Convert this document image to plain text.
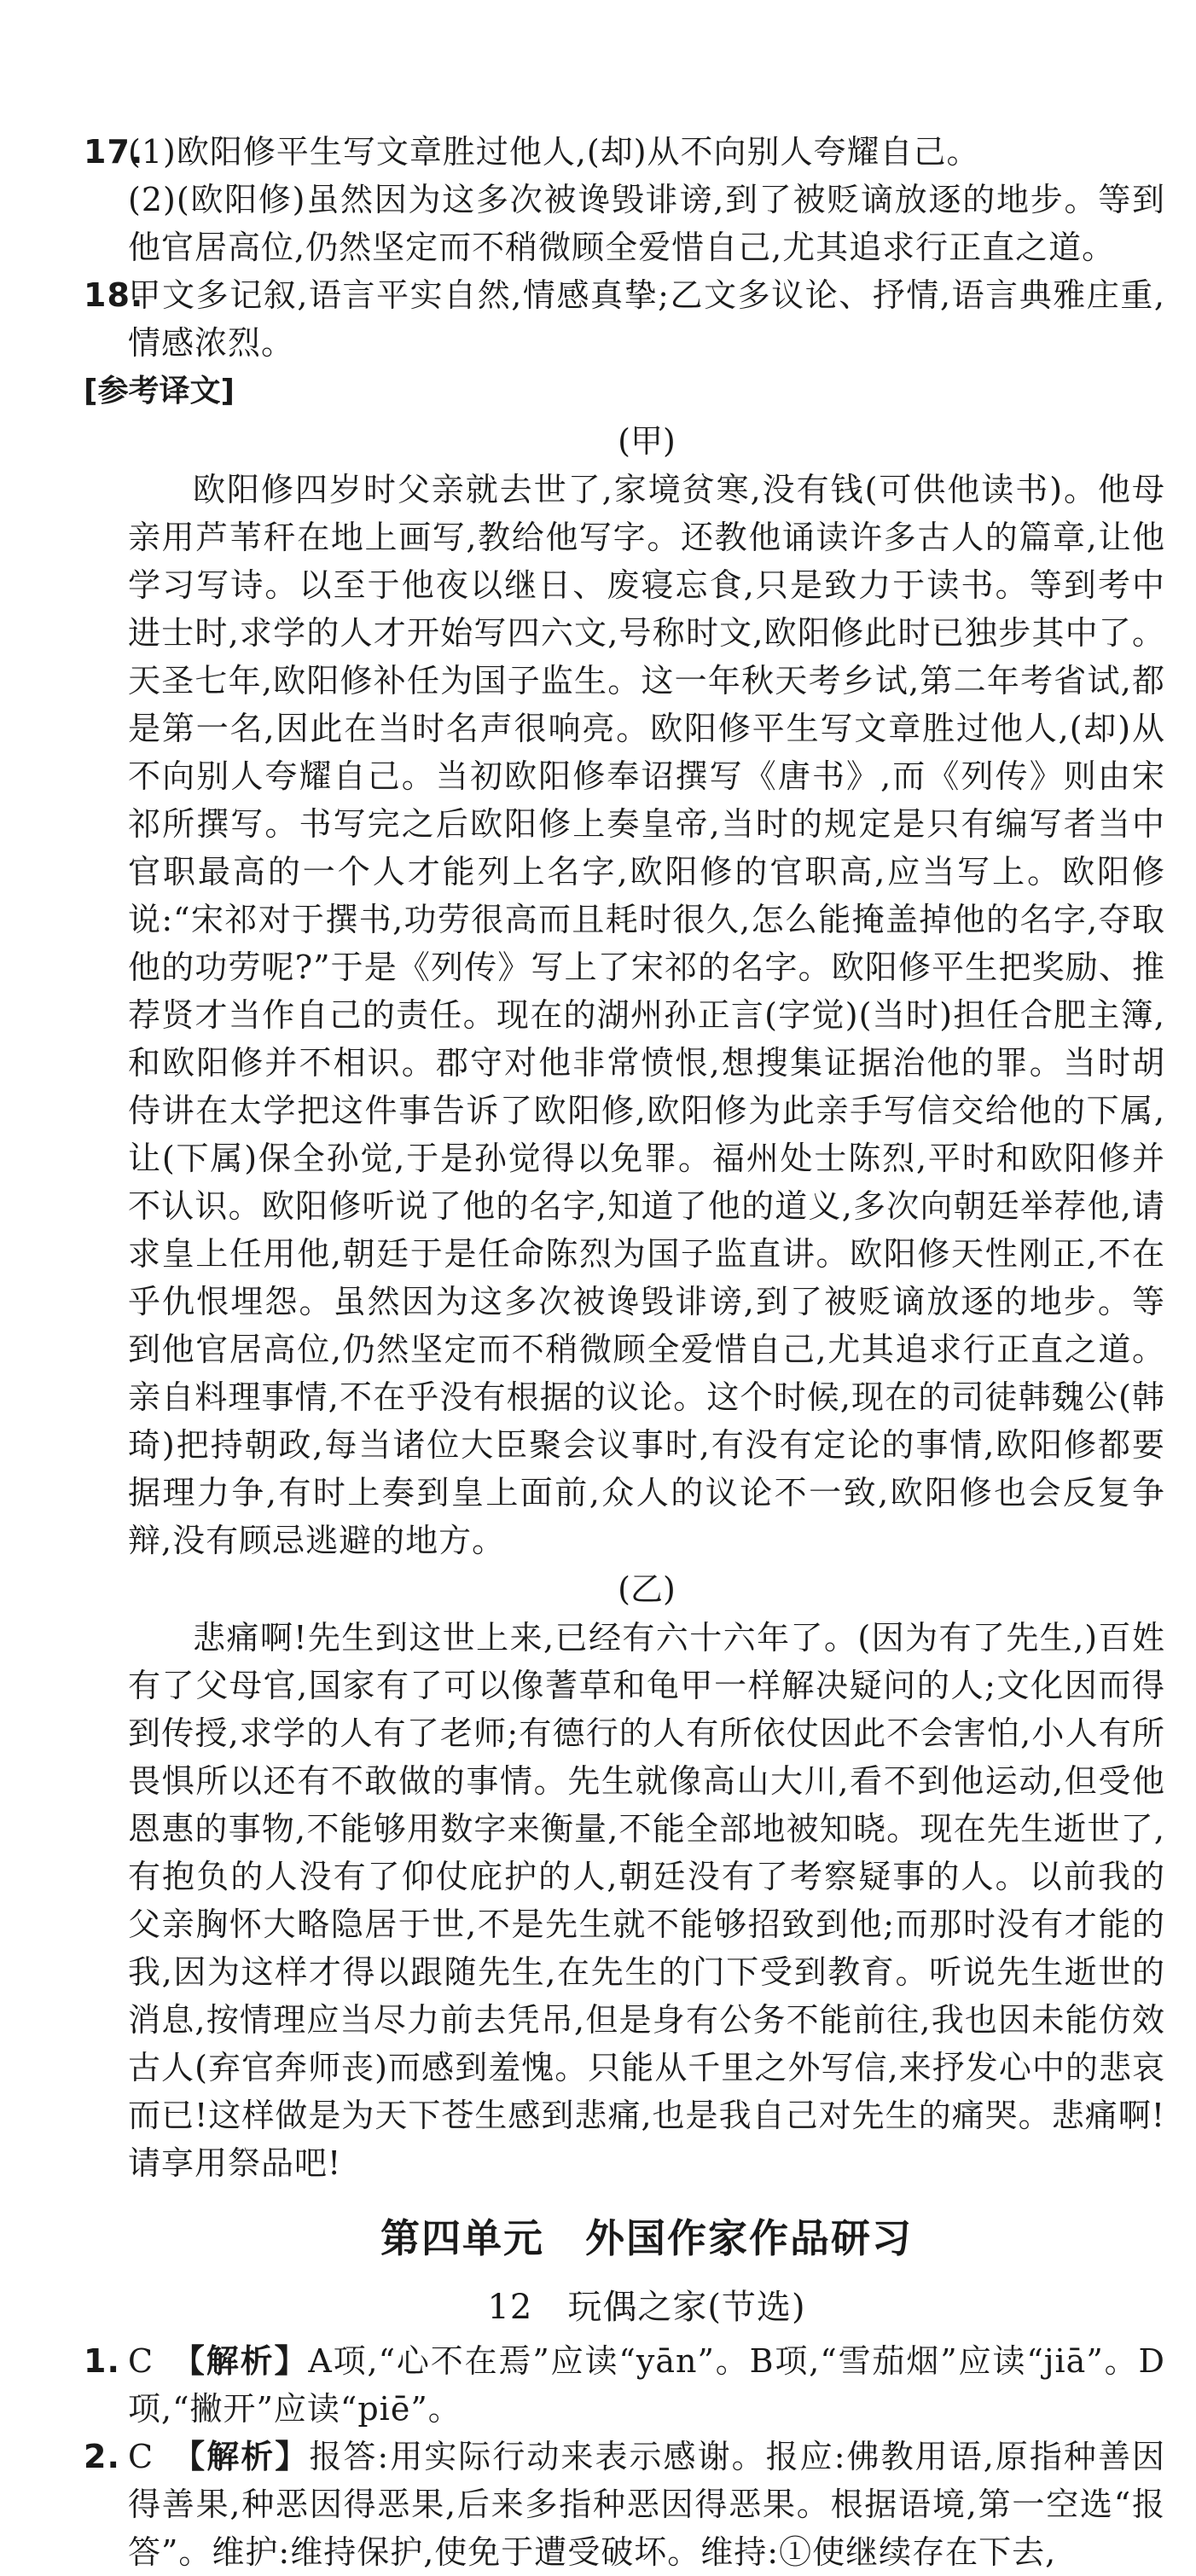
17.(1)欧阳修平生写文章胜过他人,(却)从不向别人夸耀自己。
(2)(欧阳修)虽然因为这多次被谗毁诽谤,到了被贬谪放逐的地步。等到他官居高位,仍然坚定而不稍微顾全爱惜自己,尤其追求行正直之道。
18.甲文多记叙,语言平实自然,情感真挚;乙文多议论、抒情,语言典雅庄重,情感浓烈。
[参考译文]
(甲)
欧阳修四岁时父亲就去世了,家境贫寒,没有钱(可供他读书)。他母亲用芦苇秆在地上画写,教给他写字。还教他诵读许多古人的篇章,让他学习写诗。以至于他夜以继日、废寝忘食,只是致力于读书。等到考中进士时,求学的人才开始写四六文,号称时文,欧阳修此时已独步其中了。天圣七年,欧阳修补任为国子监生。这一年秋天考乡试,第二年考省试,都是第一名,因此在当时名声很响亮。欧阳修平生写文章胜过他人,(却)从不向别人夸耀自己。当初欧阳修奉诏撰写《唐书》,而《列传》则由宋祁所撰写。书写完之后欧阳修上奏皇帝,当时的规定是只有编写者当中官职最高的一个人才能列上名字,欧阳修的官职高,应当写上。欧阳修说:“宋祁对于撰书,功劳很高而且耗时很久,怎么能掩盖掉他的名字,夺取他的功劳呢?”于是《列传》写上了宋祁的名字。欧阳修平生把奖励、推荐贤才当作自己的责任。现在的湖州孙正言(字觉)(当时)担任合肥主簿,和欧阳修并不相识。郡守对他非常愤恨,想搜集证据治他的罪。当时胡侍讲在太学把这件事告诉了欧阳修,欧阳修为此亲手写信交给他的下属,让(下属)保全孙觉,于是孙觉得以免罪。福州处士陈烈,平时和欧阳修并不认识。欧阳修听说了他的名字,知道了他的道义,多次向朝廷举荐他,请求皇上任用他,朝廷于是任命陈烈为国子监直讲。欧阳修天性刚正,不在乎仇恨埋怨。虽然因为这多次被谗毁诽谤,到了被贬谪放逐的地步。等到他官居高位,仍然坚定而不稍微顾全爱惜自己,尤其追求行正直之道。亲自料理事情,不在乎没有根据的议论。这个时候,现在的司徒韩魏公(韩琦)把持朝政,每当诸位大臣聚会议事时,有没有定论的事情,欧阳修都要据理力争,有时上奏到皇上面前,众人的议论不一致,欧阳修也会反复争辩,没有顾忌逃避的地方。
(乙)
悲痛啊!先生到这世上来,已经有六十六年了。(因为有了先生,)百姓有了父母官,国家有了可以像蓍草和龟甲一样解决疑问的人;文化因而得到传授,求学的人有了老师;有德行的人有所依仗因此不会害怕,小人有所畏惧所以还有不敢做的事情。先生就像高山大川,看不到他运动,但受他恩惠的事物,不能够用数字来衡量,不能全部地被知晓。现在先生逝世了,有抱负的人没有了仰仗庇护的人,朝廷没有了考察疑事的人。以前我的父亲胸怀大略隐居于世,不是先生就不能够招致到他;而那时没有才能的我,因为这样才得以跟随先生,在先生的门下受到教育。听说先生逝世的消息,按情理应当尽力前去凭吊,但是身有公务不能前往,我也因未能仿效古人(弃官奔师丧)而感到羞愧。只能从千里之外写信,来抒发心中的悲哀而已!这样做是为天下苍生感到悲痛,也是我自己对先生的痛哭。悲痛啊!请享用祭品吧!
第四单元　外国作家作品研习
12　玩偶之家(节选)
1. C　 【解析】A项,“心不在焉”应读“yān”。B项,“雪茄烟”应读“jiā”。D项,“撇开”应读“piē”。
2. C　 【解析】报答:用实际行动来表示感谢。报应:佛教用语,原指种善因得善果,种恶因得恶果,后来多指种恶因得恶果。根据语境,第一空选“报答”。维护:维持保护,使免于遭受破坏。维持:①使继续存在下去,
